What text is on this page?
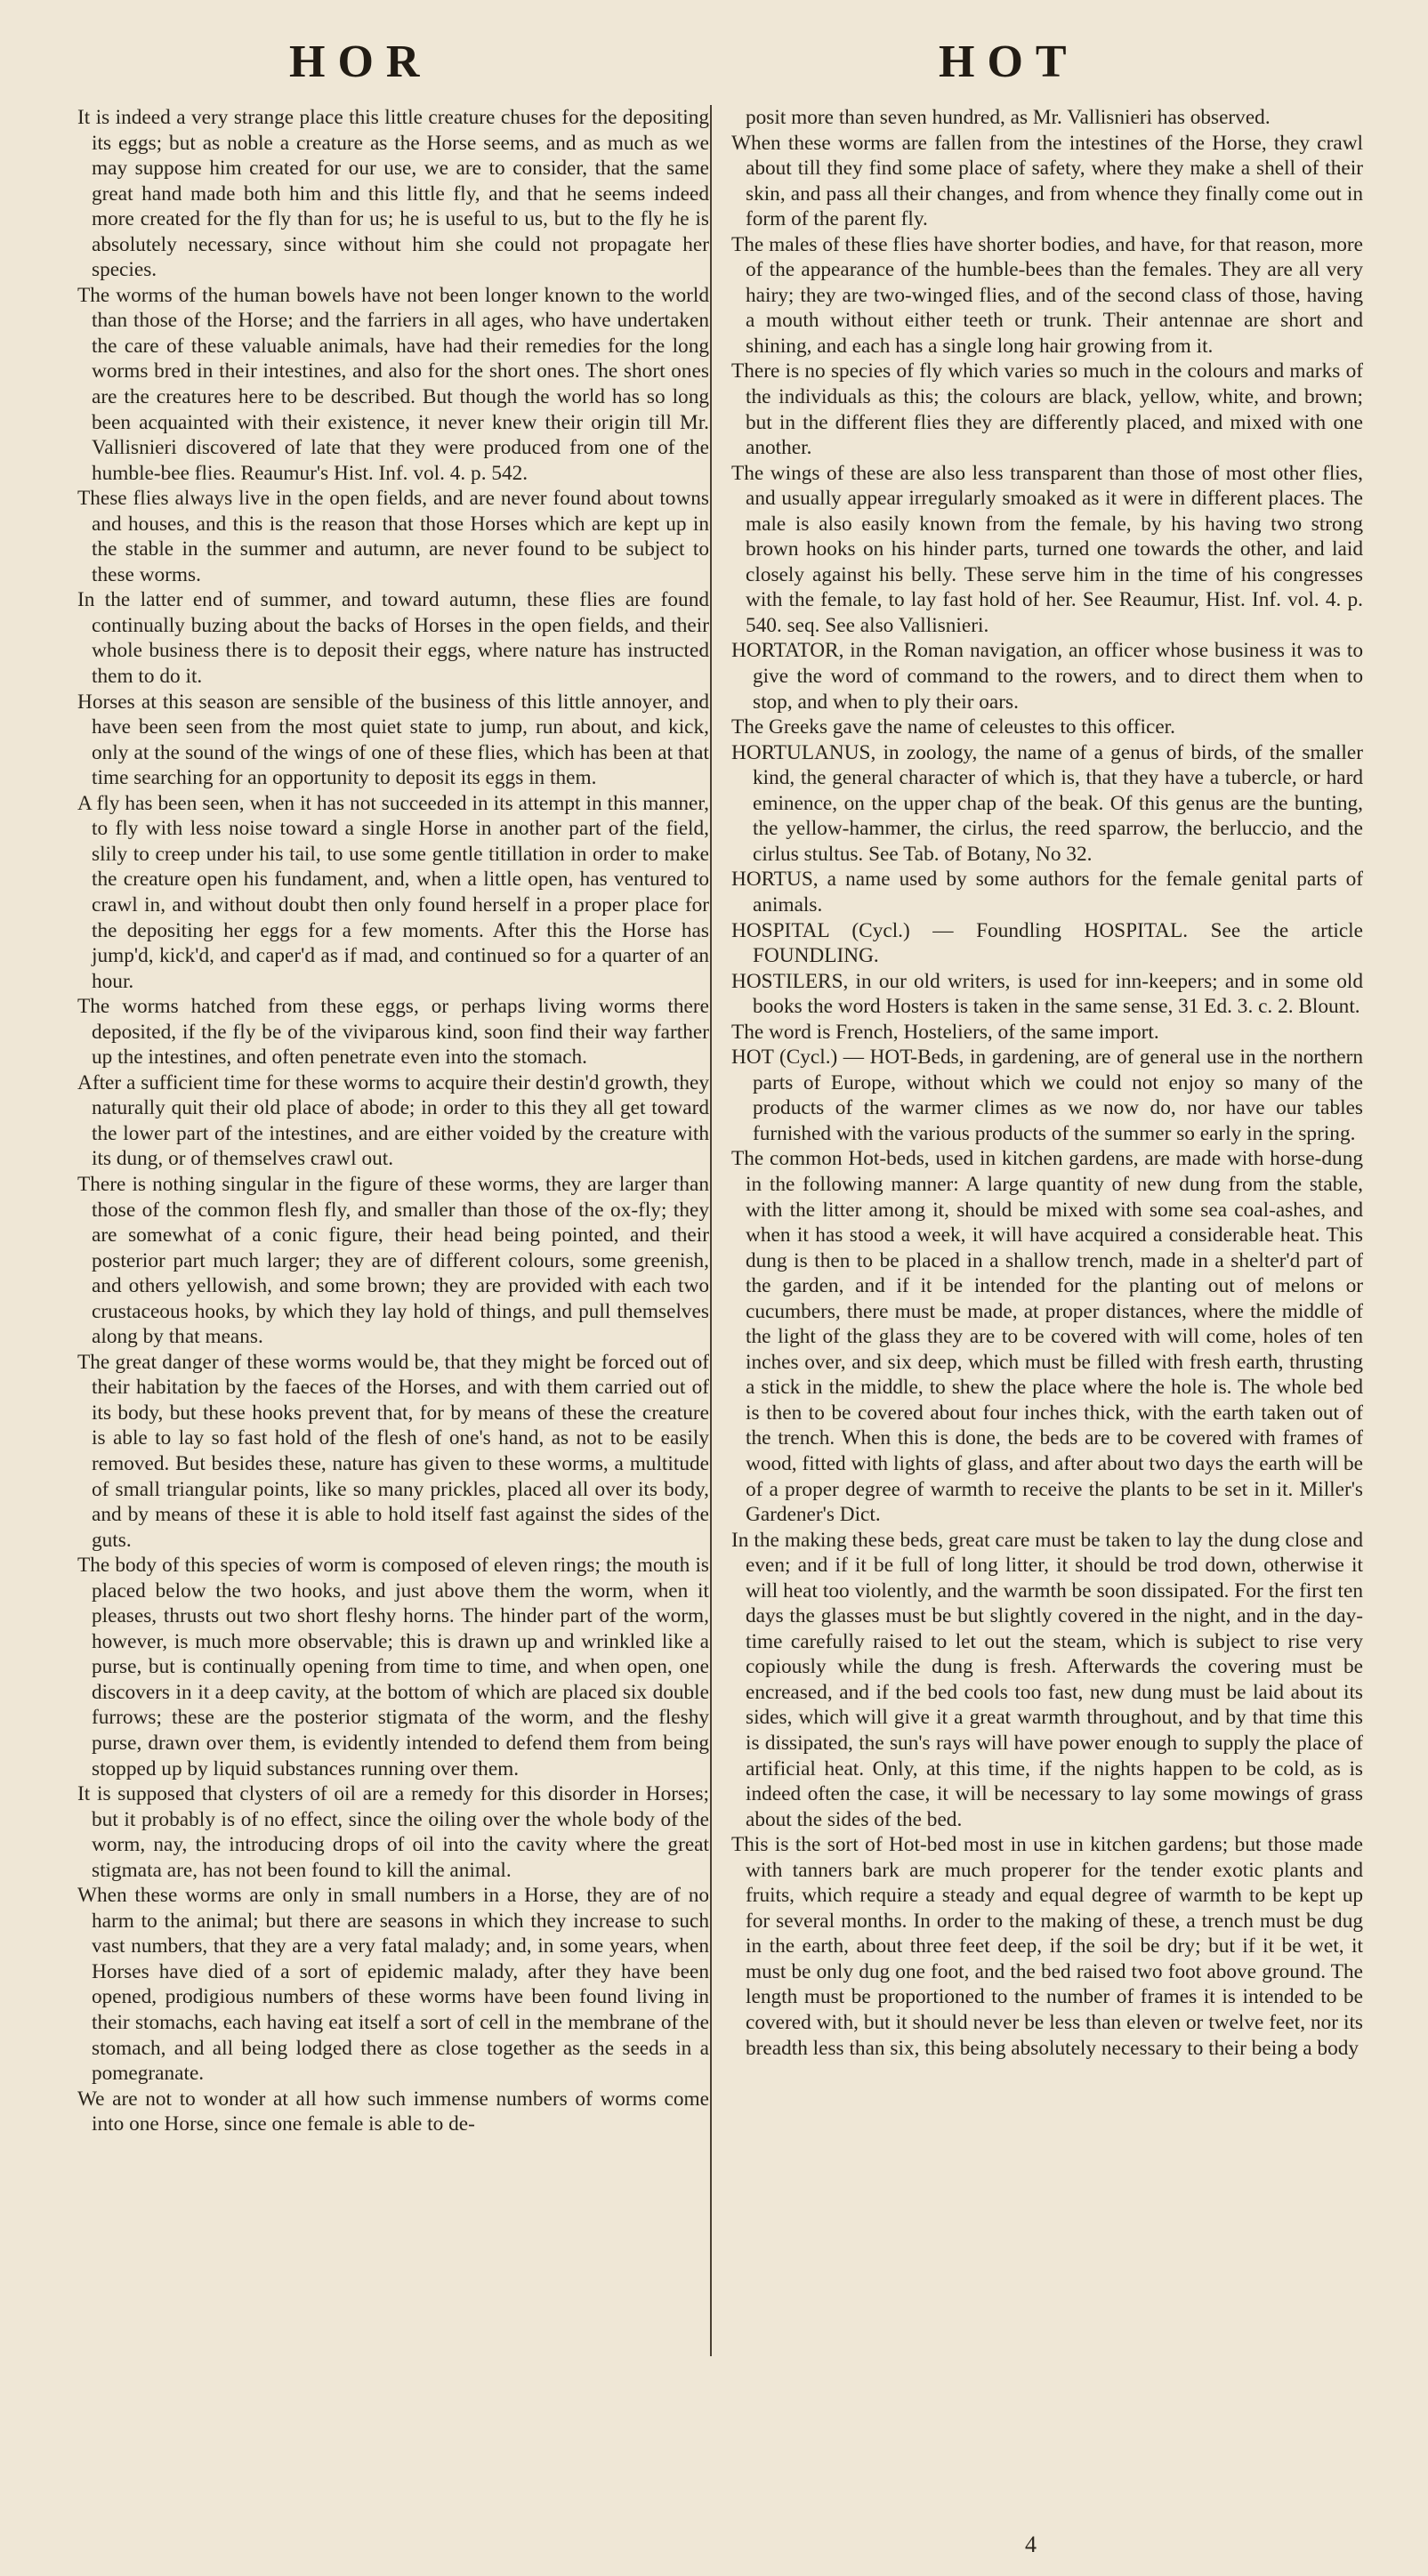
HOR	HOT

It is indeed a very strange place this little creature chuses for the depositing its eggs; but as noble a creature as the Horse seems, and as much as we may suppose him created for our use, we are to consider, that the same great hand made both him and this little fly, and that he seems indeed more created for the fly than for us; he is useful to us, but to the fly he is absolutely necessary, since without him she could not propagate her species.

The worms of the human bowels have not been longer known to the world than those of the Horse; and the farriers in all ages, who have undertaken the care of these valuable animals, have had their remedies for the long worms bred in their intestines, and also for the short ones. The short ones are the creatures here to be described. But though the world has so long been acquainted with their existence, it never knew their origin till Mr. Vallisnieri discovered of late that they were produced from one of the humble-bee flies. Reaumur's Hist. Inf. vol. 4. p. 542.

These flies always live in the open fields, and are never found about towns and houses, and this is the reason that those Horses which are kept up in the stable in the summer and autumn, are never found to be subject to these worms.

In the latter end of summer, and toward autumn, these flies are found continually buzing about the backs of Horses in the open fields, and their whole business there is to deposit their eggs, where nature has instructed them to do it.

Horses at this season are sensible of the business of this little annoyer, and have been seen from the most quiet state to jump, run about, and kick, only at the sound of the wings of one of these flies, which has been at that time searching for an opportunity to deposit its eggs in them.

A fly has been seen, when it has not succeeded in its attempt in this manner, to fly with less noise toward a single Horse in another part of the field, slily to creep under his tail, to use some gentle titillation in order to make the creature open his fundament, and, when a little open, has ventured to crawl in, and without doubt then only found herself in a proper place for the depositing her eggs for a few moments. After this the Horse has jump'd, kick'd, and caper'd as if mad, and continued so for a quarter of an hour.

The worms hatched from these eggs, or perhaps living worms there deposited, if the fly be of the viviparous kind, soon find their way farther up the intestines, and often penetrate even into the stomach.

After a sufficient time for these worms to acquire their destin'd growth, they naturally quit their old place of abode; in order to this they all get toward the lower part of the intestines, and are either voided by the creature with its dung, or of themselves crawl out.

There is nothing singular in the figure of these worms, they are larger than those of the common flesh fly, and smaller than those of the ox-fly; they are somewhat of a conic figure, their head being pointed, and their posterior part much larger; they are of different colours, some greenish, and others yellowish, and some brown; they are provided with each two crustaceous hooks, by which they lay hold of things, and pull themselves along by that means.

The great danger of these worms would be, that they might be forced out of their habitation by the faeces of the Horses, and with them carried out of its body, but these hooks prevent that, for by means of these the creature is able to lay so fast hold of the flesh of one's hand, as not to be easily removed. But besides these, nature has given to these worms, a multitude of small triangular points, like so many prickles, placed all over its body, and by means of these it is able to hold itself fast against the sides of the guts.

The body of this species of worm is composed of eleven rings; the mouth is placed below the two hooks, and just above them the worm, when it pleases, thrusts out two short fleshy horns. The hinder part of the worm, however, is much more observable; this is drawn up and wrinkled like a purse, but is continually opening from time to time, and when open, one discovers in it a deep cavity, at the bottom of which are placed six double furrows; these are the posterior stigmata of the worm, and the fleshy purse, drawn over them, is evidently intended to defend them from being stopped up by liquid substances running over them.

It is supposed that clysters of oil are a remedy for this disorder in Horses; but it probably is of no effect, since the oiling over the whole body of the worm, nay, the introducing drops of oil into the cavity where the great stigmata are, has not been found to kill the animal.

When these worms are only in small numbers in a Horse, they are of no harm to the animal; but there are seasons in which they increase to such vast numbers, that they are a very fatal malady; and, in some years, when Horses have died of a sort of epidemic malady, after they have been opened, prodigious numbers of these worms have been found living in their stomachs, each having eat itself a sort of cell in the membrane of the stomach, and all being lodged there as close together as the seeds in a pomegranate.

We are not to wonder at all how such immense numbers of worms come into one Horse, since one female is able to de-

posit more than seven hundred, as Mr. Vallisnieri has observed.

When these worms are fallen from the intestines of the Horse, they crawl about till they find some place of safety, where they make a shell of their skin, and pass all their changes, and from whence they finally come out in form of the parent fly.

The males of these flies have shorter bodies, and have, for that reason, more of the appearance of the humble-bees than the females. They are all very hairy; they are two-winged flies, and of the second class of those, having a mouth without either teeth or trunk. Their antennae are short and shining, and each has a single long hair growing from it.

There is no species of fly which varies so much in the colours and marks of the individuals as this; the colours are black, yellow, white, and brown; but in the different flies they are differently placed, and mixed with one another.

The wings of these are also less transparent than those of most other flies, and usually appear irregularly smoaked as it were in different places. The male is also easily known from the female, by his having two strong brown hooks on his hinder parts, turned one towards the other, and laid closely against his belly. These serve him in the time of his congresses with the female, to lay fast hold of her. See Reaumur, Hist. Inf. vol. 4. p. 540. seq. See also Vallisnieri.

HORTATOR, in the Roman navigation, an officer whose business it was to give the word of command to the rowers, and to direct them when to stop, and when to ply their oars.

The Greeks gave the name of celeustes to this officer.

HORTULANUS, in zoology, the name of a genus of birds, of the smaller kind, the general character of which is, that they have a tubercle, or hard eminence, on the upper chap of the beak. Of this genus are the bunting, the yellow-hammer, the cirlus, the reed sparrow, the berluccio, and the cirlus stultus. See Tab. of Botany, No 32.

HORTUS, a name used by some authors for the female genital parts of animals.

HOSPITAL (Cycl.) — Foundling HOSPITAL. See the article FOUNDLING.

HOSTILERS, in our old writers, is used for inn-keepers; and in some old books the word Hosters is taken in the same sense, 31 Ed. 3. c. 2. Blount.

The word is French, Hosteliers, of the same import.

HOT (Cycl.) — HOT-Beds, in gardening, are of general use in the northern parts of Europe, without which we could not enjoy so many of the products of the warmer climes as we now do, nor have our tables furnished with the various products of the summer so early in the spring.

The common Hot-beds, used in kitchen gardens, are made with horse-dung in the following manner: A large quantity of new dung from the stable, with the litter among it, should be mixed with some sea coal-ashes, and when it has stood a week, it will have acquired a considerable heat. This dung is then to be placed in a shallow trench, made in a shelter'd part of the garden, and if it be intended for the planting out of melons or cucumbers, there must be made, at proper distances, where the middle of the light of the glass they are to be covered with will come, holes of ten inches over, and six deep, which must be filled with fresh earth, thrusting a stick in the middle, to shew the place where the hole is. The whole bed is then to be covered about four inches thick, with the earth taken out of the trench. When this is done, the beds are to be covered with frames of wood, fitted with lights of glass, and after about two days the earth will be of a proper degree of warmth to receive the plants to be set in it. Miller's Gardener's Dict.

In the making these beds, great care must be taken to lay the dung close and even; and if it be full of long litter, it should be trod down, otherwise it will heat too violently, and the warmth be soon dissipated. For the first ten days the glasses must be but slightly covered in the night, and in the day-time carefully raised to let out the steam, which is subject to rise very copiously while the dung is fresh. Afterwards the covering must be encreased, and if the bed cools too fast, new dung must be laid about its sides, which will give it a great warmth throughout, and by that time this is dissipated, the sun's rays will have power enough to supply the place of artificial heat. Only, at this time, if the nights happen to be cold, as is indeed often the case, it will be necessary to lay some mowings of grass about the sides of the bed.

This is the sort of Hot-bed most in use in kitchen gardens; but those made with tanners bark are much properer for the tender exotic plants and fruits, which require a steady and equal degree of warmth to be kept up for several months. In order to the making of these, a trench must be dug in the earth, about three feet deep, if the soil be dry; but if it be wet, it must be only dug one foot, and the bed raised two foot above ground. The length must be proportioned to the number of frames it is intended to be covered with, but it should never be less than eleven or twelve feet, nor its breadth less than six, this being absolutely necessary to their being a body

4
